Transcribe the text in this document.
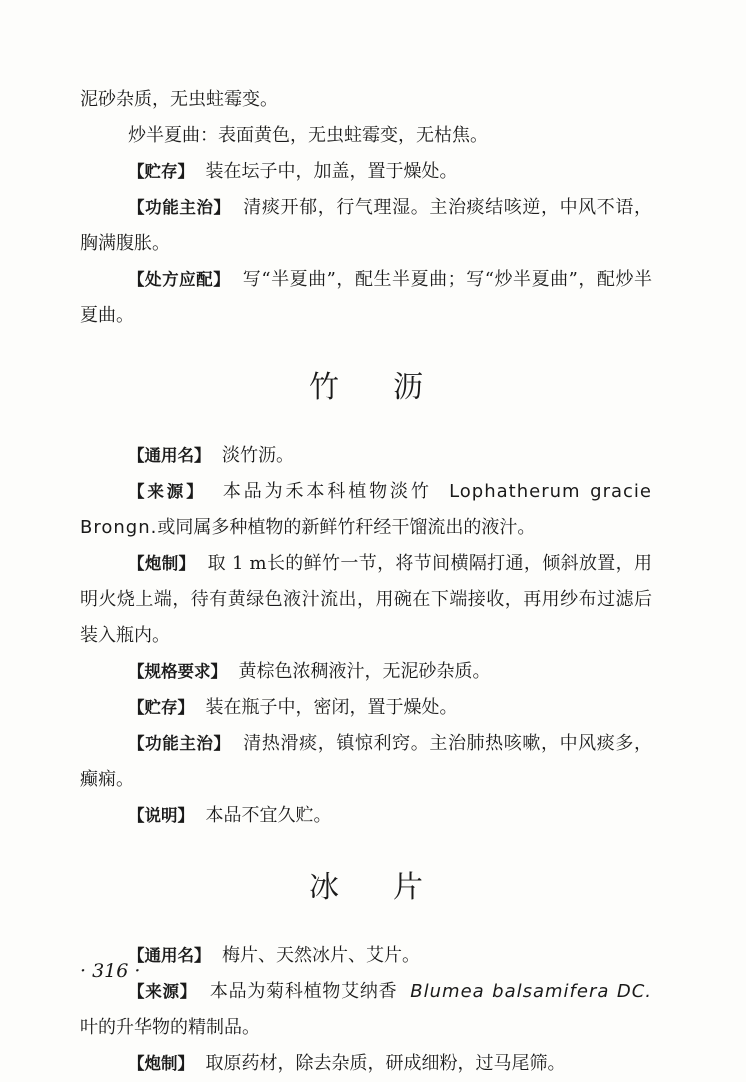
泥砂杂质，无虫蛀霉变。

炒半夏曲：表面黄色，无虫蛀霉变，无枯焦。

【贮存】 装在坛子中，加盖，置于燥处。

【功能主治】 清痰开郁，行气理湿。主治痰结咳逆，中风不语，胸满腹胀。

【处方应配】 写“半夏曲”，配生半夏曲；写“炒半夏曲”，配炒半夏曲。

竹沥

【通用名】 淡竹沥。

【来源】 本品为禾本科植物淡竹 Lophatherum gracie Brongn.或同属多种植物的新鲜竹秆经干馏流出的液汁。

【炮制】 取 1 m长的鲜竹一节，将节间横隔打通，倾斜放置，用明火烧上端，待有黄绿色液汁流出，用碗在下端接收，再用纱布过滤后装入瓶内。

【规格要求】 黄棕色浓稠液汁，无泥砂杂质。

【贮存】 装在瓶子中，密闭，置于燥处。

【功能主治】 清热滑痰，镇惊利窍。主治肺热咳嗽，中风痰多，癫痫。

【说明】 本品不宜久贮。

冰片

【通用名】 梅片、天然冰片、艾片。

【来源】 本品为菊科植物艾纳香 Blumea balsamifera DC.叶的升华物的精制品。

【炮制】 取原药材，除去杂质，研成细粉，过马尾筛。

· 316 ·
